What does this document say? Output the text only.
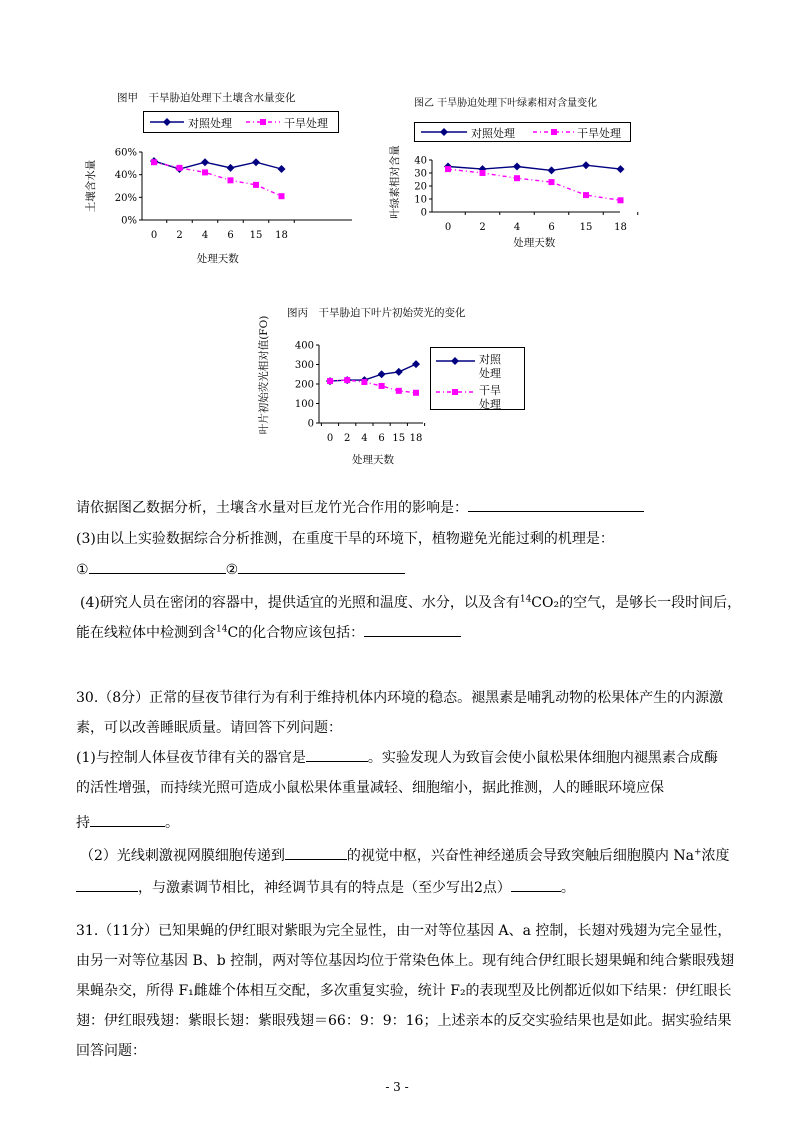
图甲　干旱胁迫处理下土壤含水量变化
对照处理	干旱处理
60%
40%
20%
0%
0 2 4 6 15 18
处理天数
土壤含水量
图乙 干旱胁迫处理下叶绿素相对含量变化
对照处理	干旱处理
40
30
20
10
0
0	2	4	6 15 18
处理天数
叶绿素相对含量
图丙　干旱胁迫下叶片初始荧光的变化
对照处理
干旱处理
400
300
200
100
0
0 2 4 6 15 18
处理天数
叶片初始荧光相对值(FO)
请依据图乙数据分析，土壤含水量对巨龙竹光合作用的影响是：
(3)由以上实验数据综合分析推测，在重度干旱的环境下，植物避免光能过剩的机理是：
①	②
(4)研究人员在密闭的容器中，提供适宜的光照和温度、水分，以及含有$^{14}$CO₂的空气，是够长一段时间后，
能在线粒体中检测到含$^{14}$C的化合物应该包括：
30.（8分）正常的昼夜节律行为有利于维持机体内环境的稳态。褪黑素是哺乳动物的松果体产生的内源激
素，可以改善睡眠质量。请回答下列问题：
(1)与控制人体昼夜节律有关的器官是	。实验发现人为致盲会使小鼠松果体细胞内褪黑素合成酶
的活性增强，而持续光照可造成小鼠松果体重量减轻、细胞缩小，据此推测，人的睡眠环境应保
持	。
（2）光线刺激视网膜细胞传递到	的视觉中枢，兴奋性神经递质会导致突触后细胞膜内 Na+浓度
，与激素调节相比，神经调节具有的特点是（至少写出2点）	。
31.（11分）已知果蝇的伊红眼对紫眼为完全显性，由一对等位基因 A、a 控制，长翅对残翅为完全显性，
由另一对等位基因 B、b 控制，两对等位基因均位于常染色体上。现有纯合伊红眼长翅果蝇和纯合紫眼残翅
果蝇杂交，所得 F₁雌雄个体相互交配，多次重复实验，统计 F₂的表现型及比例都近似如下结果：伊红眼长
翅：伊红眼残翅：紫眼长翅：紫眼残翅＝66：9：9：16；上述亲本的反交实验结果也是如此。据实验结果
回答问题：
- 3 -
